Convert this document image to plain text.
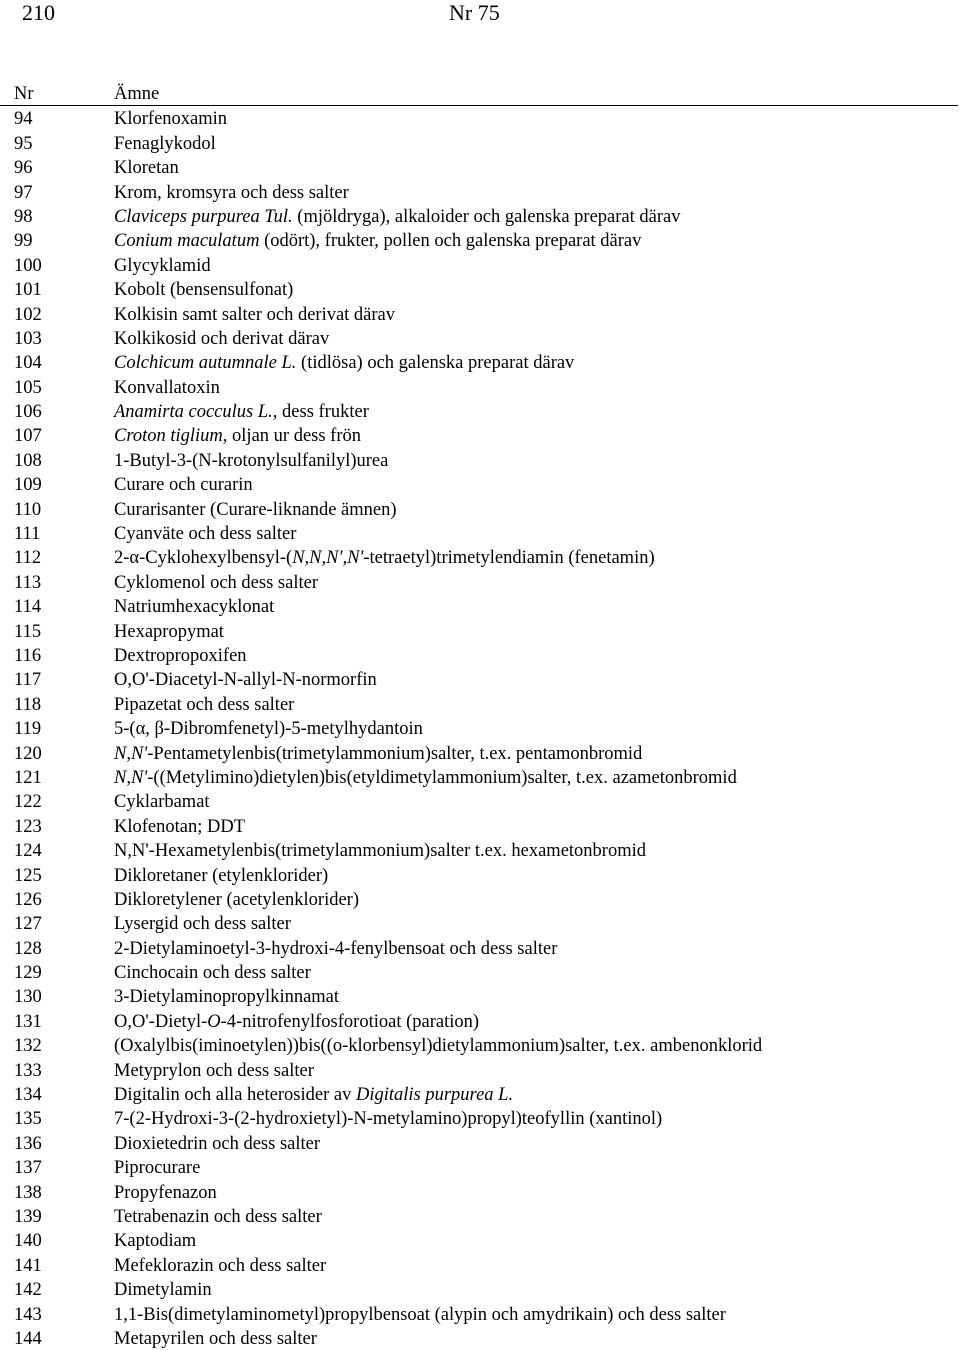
210	Nr 75
Nr	Ämne
94	Klorfenoxamin
95	Fenaglykodol
96	Kloretan
97	Krom, kromsyra och dess salter
98	Claviceps purpurea Tul. (mjöldryga), alkaloider och galenska preparat därav
99	Conium maculatum (odört), frukter, pollen och galenska preparat därav
100	Glycyklamid
101	Kobolt (bensensulfonat)
102	Kolkisin samt salter och derivat därav
103	Kolkikosid och derivat därav
104	Colchicum autumnale L. (tidlösa) och galenska preparat därav
105	Konvallatoxin
106	Anamirta cocculus L., dess frukter
107	Croton tiglium, oljan ur dess frön
108	1-Butyl-3-(N-krotonylsulfanilyl)urea
109	Curare och curarin
110	Curarisanter (Curare-liknande ämnen)
111	Cyanväte och dess salter
112	2-α-Cyklohexylbensyl-(N,N,N',N'-tetraetyl)trimetylendiamin (fenetamin)
113	Cyklomenol och dess salter
114	Natriumhexacyklonat
115	Hexapropymat
116	Dextropropoxifen
117	O,O'-Diacetyl-N-allyl-N-normorfin
118	Pipazetat och dess salter
119	5-(α, β-Dibromfenetyl)-5-metylhydantoin
120	N,N'-Pentametylenbis(trimetylammonium)salter, t.ex. pentamonbromid
121	N,N'-((Metylimino)dietylen)bis(etyldimetylammonium)salter, t.ex. azametonbromid
122	Cyklarbamat
123	Klofenotan; DDT
124	N,N'-Hexametylenbis(trimetylammonium)salter t.ex. hexametonbromid
125	Dikloretaner (etylenklorider)
126	Dikloretylener (acetylenklorider)
127	Lysergid och dess salter
128	2-Dietylaminoetyl-3-hydroxi-4-fenylbensoat och dess salter
129	Cinchocain och dess salter
130	3-Dietylaminopropylkinnamat
131	O,O'-Dietyl-O-4-nitrofenylfosforotioat (paration)
132	(Oxalylbis(iminoetylen))bis((o-klorbensyl)dietylammonium)salter, t.ex. ambenonklorid
133	Metyprylon och dess salter
134	Digitalin och alla heterosider av Digitalis purpurea L.
135	7-(2-Hydroxi-3-(2-hydroxietyl)-N-metylamino)propyl)teofyllin (xantinol)
136	Dioxietedrin och dess salter
137	Piprocurare
138	Propyfenazon
139	Tetrabenazin och dess salter
140	Kaptodiam
141	Mefeklorazin och dess salter
142	Dimetylamin
143	1,1-Bis(dimetylaminometyl)propylbensoat (alypin och amydrikain) och dess salter
144	Metapyrilen och dess salter
